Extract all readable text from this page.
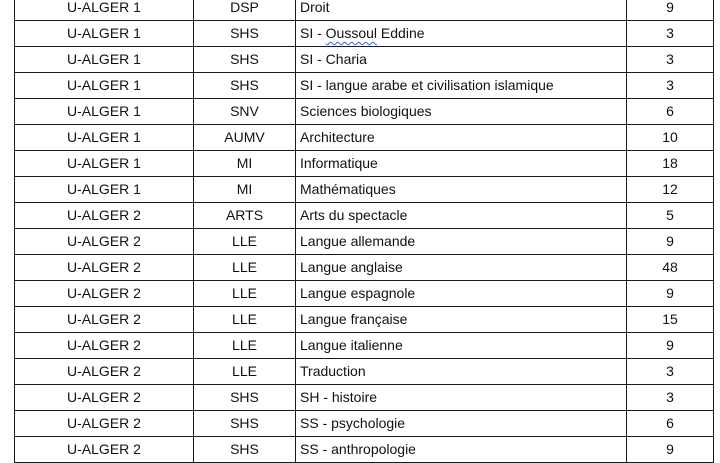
U-ALGER 1	DSP	Droit	9
U-ALGER 1	SHS	SI - Oussoul Eddine	3
U-ALGER 1	SHS	SI - Charia	3
U-ALGER 1	SHS	SI - langue arabe et civilisation islamique	3
U-ALGER 1	SNV	Sciences biologiques	6
U-ALGER 1	AUMV	Architecture	10
U-ALGER 1	MI	Informatique	18
U-ALGER 1	MI	Mathématiques	12
U-ALGER 2	ARTS	Arts du spectacle	5
U-ALGER 2	LLE	Langue allemande	9
U-ALGER 2	LLE	Langue anglaise	48
U-ALGER 2	LLE	Langue espagnole	9
U-ALGER 2	LLE	Langue française	15
U-ALGER 2	LLE	Langue italienne	9
U-ALGER 2	LLE	Traduction	3
U-ALGER 2	SHS	SH - histoire	3
U-ALGER 2	SHS	SS - psychologie	6
U-ALGER 2	SHS	SS - anthropologie	9
